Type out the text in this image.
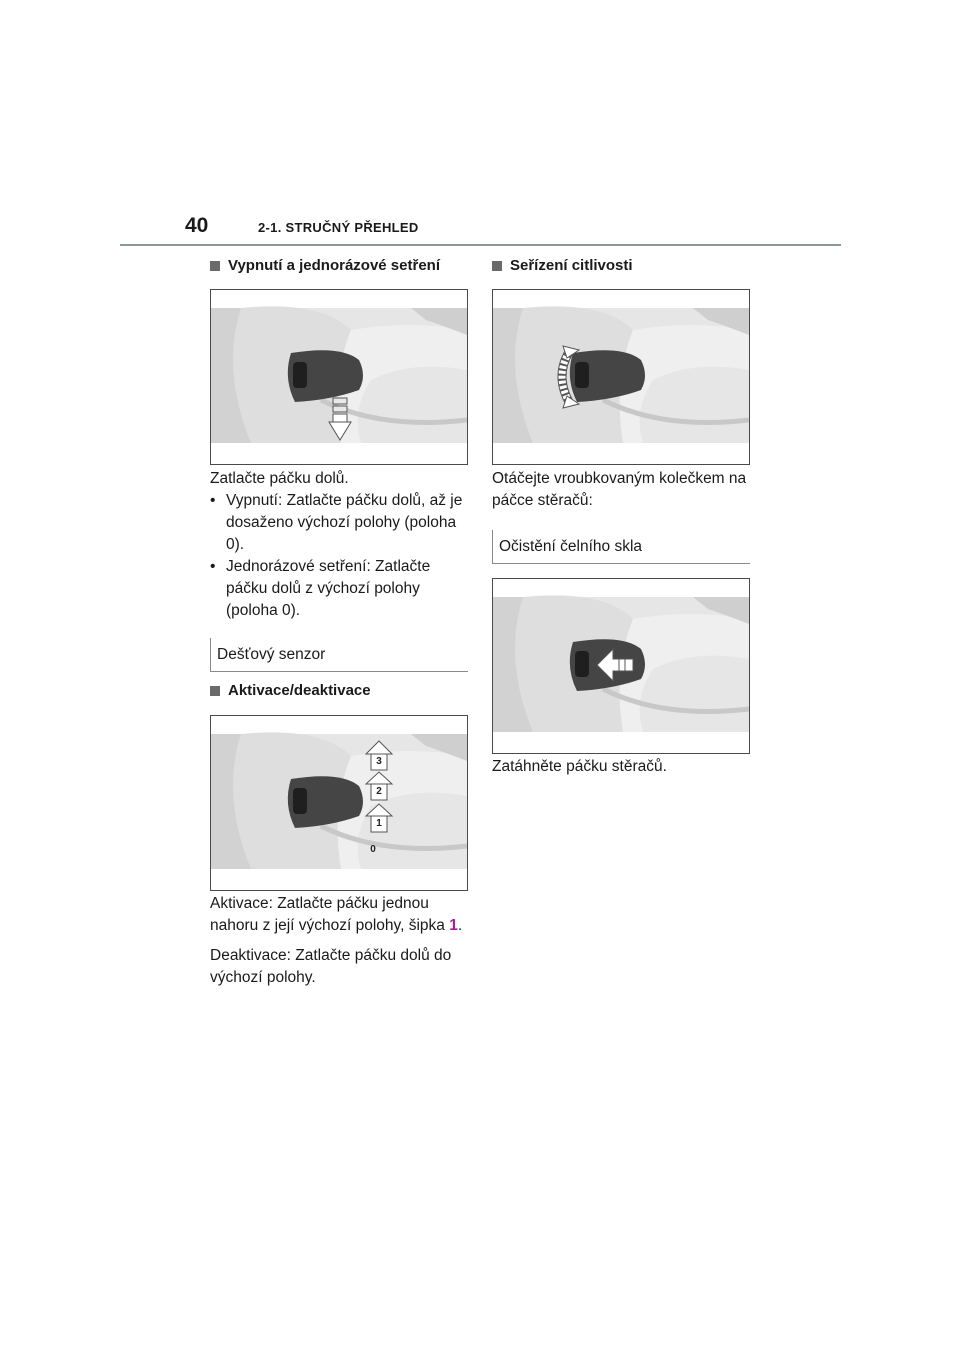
40	2-1. STRUČNÝ PŘEHLED
Vypnutí a jednorázové setření

Zatlačte páčku dolů.

• Vypnutí: Zatlačte páčku dolů, až je dosaženo výchozí polohy (poloha 0).
• Jednorázové setření: Zatlačte páčku dolů z výchozí polohy (poloha 0).
Dešťový senzor
Aktivace/deaktivace
3
2
1
0

Aktivace: Zatlačte páčku jednou nahoru z její výchozí polohy, šipka 1.

Deaktivace: Zatlačte páčku dolů do výchozí polohy.

Seřízení citlivosti

Otáčejte vroubkovaným kolečkem na páčce stěračů:

Očistění čelního skla

Zatáhněte páčku stěračů.
